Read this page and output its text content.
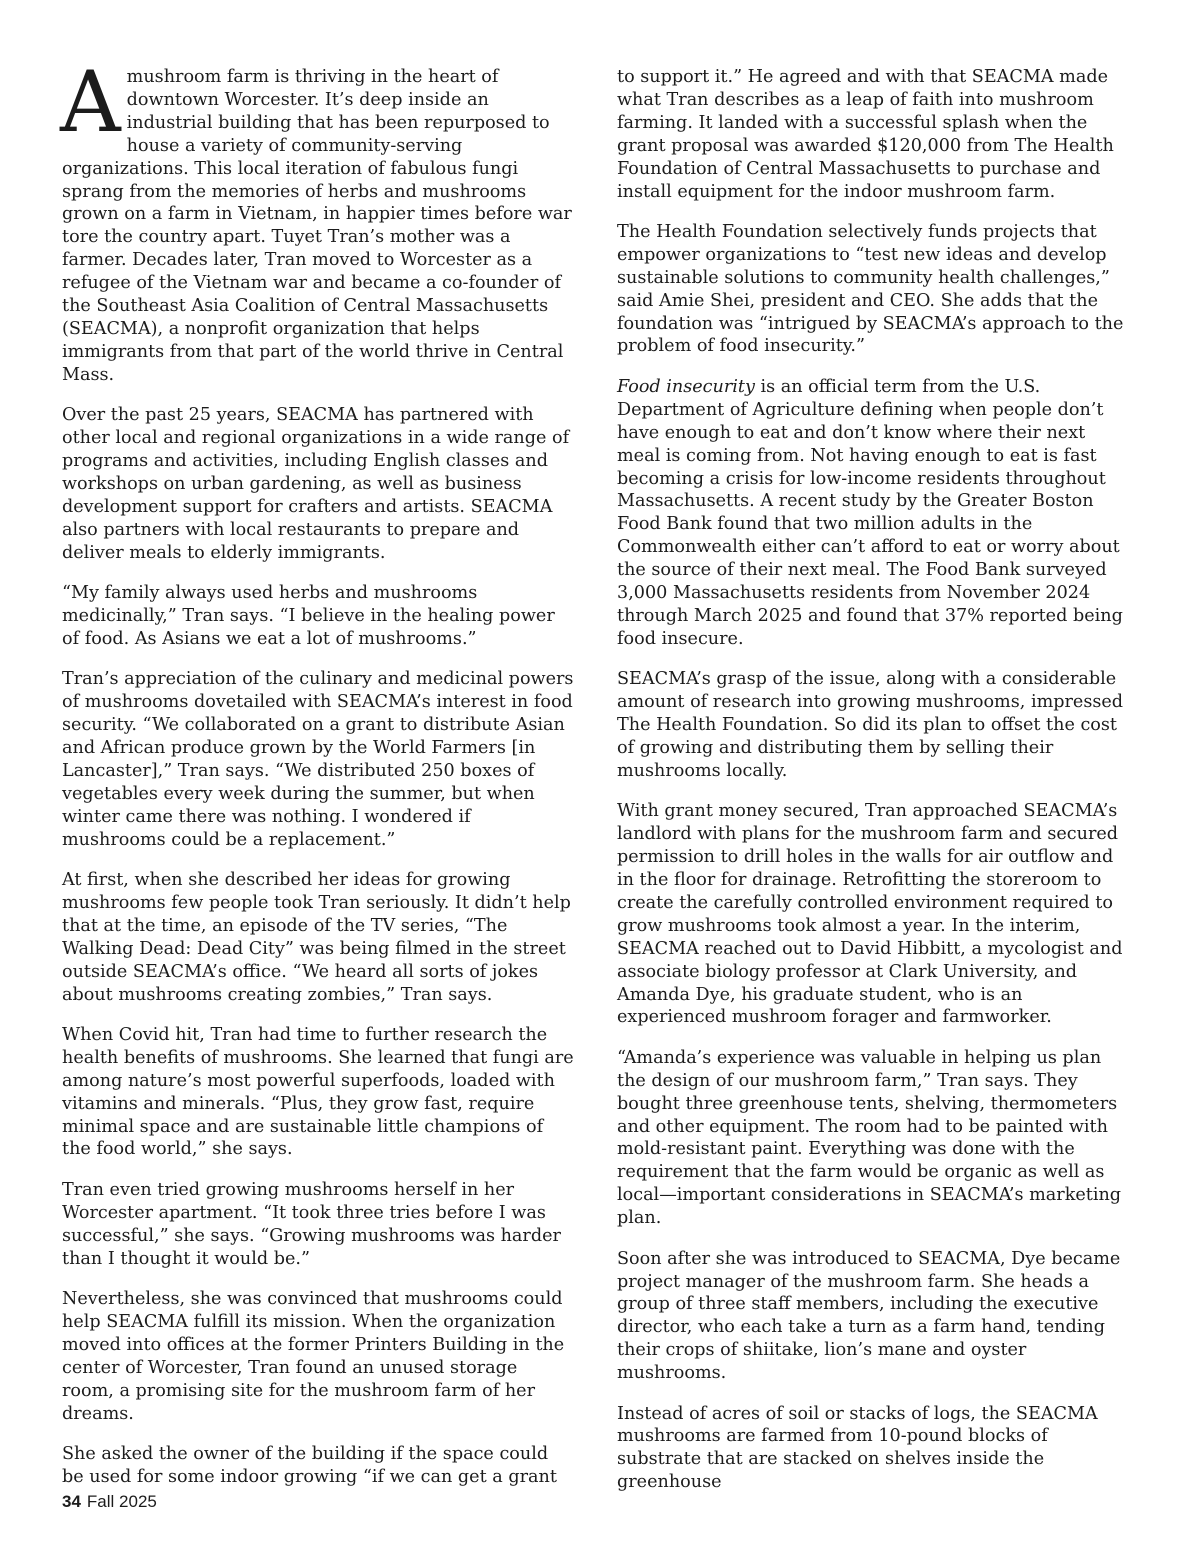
Amushroom farm is thriving in the heart of downtown Worcester. It’s deep inside an industrial building that has been repurposed to house a variety of community-serving organizations. This local iteration of fabulous fungi sprang from the memories of herbs and mushrooms grown on a farm in Vietnam, in happier times before war tore the country apart. Tuyet Tran’s mother was a farmer. Decades later, Tran moved to Worcester as a refugee of the Vietnam war and became a co-founder of the Southeast Asia Coalition of Central Massachusetts (SEACMA), a nonprofit organization that helps immigrants from that part of the world thrive in Central Mass.

Over the past 25 years, SEACMA has partnered with other local and regional organizations in a wide range of programs and activities, including English classes and workshops on urban gardening, as well as business development support for crafters and artists. SEACMA also partners with local restaurants to prepare and deliver meals to elderly immigrants.

“My family always used herbs and mushrooms medicinally,” Tran says. “I believe in the healing power of food. As Asians we eat a lot of mushrooms.”

Tran’s appreciation of the culinary and medicinal powers of mushrooms dovetailed with SEACMA’s interest in food security. “We collaborated on a grant to distribute Asian and African produce grown by the World Farmers [in Lancaster],” Tran says. “We distributed 250 boxes of vegetables every week during the summer, but when winter came there was nothing. I wondered if mushrooms could be a replacement.”

At first, when she described her ideas for growing mushrooms few people took Tran seriously. It didn’t help that at the time, an episode of the TV series, “The Walking Dead: Dead City” was being filmed in the street outside SEACMA’s office. “We heard all sorts of jokes about mushrooms creating zombies,” Tran says.

When Covid hit, Tran had time to further research the health benefits of mushrooms. She learned that fungi are among nature’s most powerful superfoods, loaded with vitamins and minerals. “Plus, they grow fast, require minimal space and are sustainable little champions of the food world,” she says.

Tran even tried growing mushrooms herself in her Worcester apartment. “It took three tries before I was successful,” she says. “Growing mushrooms was harder than I thought it would be.”

Nevertheless, she was convinced that mushrooms could help SEACMA fulfill its mission. When the organization moved into offices at the former Printers Building in the center of Worcester, Tran found an unused storage room, a promising site for the mushroom farm of her dreams.

She asked the owner of the building if the space could be used for some indoor growing “if we can get a grant

to support it.” He agreed and with that SEACMA made what Tran describes as a leap of faith into mushroom farming. It landed with a successful splash when the grant proposal was awarded $120,000 from The Health Foundation of Central Massachusetts to purchase and install equipment for the indoor mushroom farm.

The Health Foundation selectively funds projects that empower organizations to “test new ideas and develop sustainable solutions to community health challenges,” said Amie Shei, president and CEO. She adds that the foundation was “intrigued by SEACMA’s approach to the problem of food insecurity.”

Food insecurity is an official term from the U.S. Department of Agriculture defining when people don’t have enough to eat and don’t know where their next meal is coming from. Not having enough to eat is fast becoming a crisis for low-income residents throughout Massachusetts. A recent study by the Greater Boston Food Bank found that two million adults in the Commonwealth either can’t afford to eat or worry about the source of their next meal. The Food Bank surveyed 3,000 Massachusetts residents from November 2024 through March 2025 and found that 37% reported being food insecure.

SEACMA’s grasp of the issue, along with a considerable amount of research into growing mushrooms, impressed The Health Foundation. So did its plan to offset the cost of growing and distributing them by selling their mushrooms locally.

With grant money secured, Tran approached SEACMA’s landlord with plans for the mushroom farm and secured permission to drill holes in the walls for air outflow and in the floor for drainage. Retrofitting the storeroom to create the carefully controlled environment required to grow mushrooms took almost a year. In the interim, SEACMA reached out to David Hibbitt, a mycologist and associate biology professor at Clark University, and Amanda Dye, his graduate student, who is an experienced mushroom forager and farmworker.

“Amanda’s experience was valuable in helping us plan the design of our mushroom farm,” Tran says. They bought three greenhouse tents, shelving, thermometers and other equipment. The room had to be painted with mold-resistant paint. Everything was done with the requirement that the farm would be organic as well as local—important considerations in SEACMA’s marketing plan.

Soon after she was introduced to SEACMA, Dye became project manager of the mushroom farm. She heads a group of three staff members, including the executive director, who each take a turn as a farm hand, tending their crops of shiitake, lion’s mane and oyster mushrooms.

Instead of acres of soil or stacks of logs, the SEACMA mushrooms are farmed from 10-pound blocks of substrate that are stacked on shelves inside the greenhouse

34 Fall 2025
